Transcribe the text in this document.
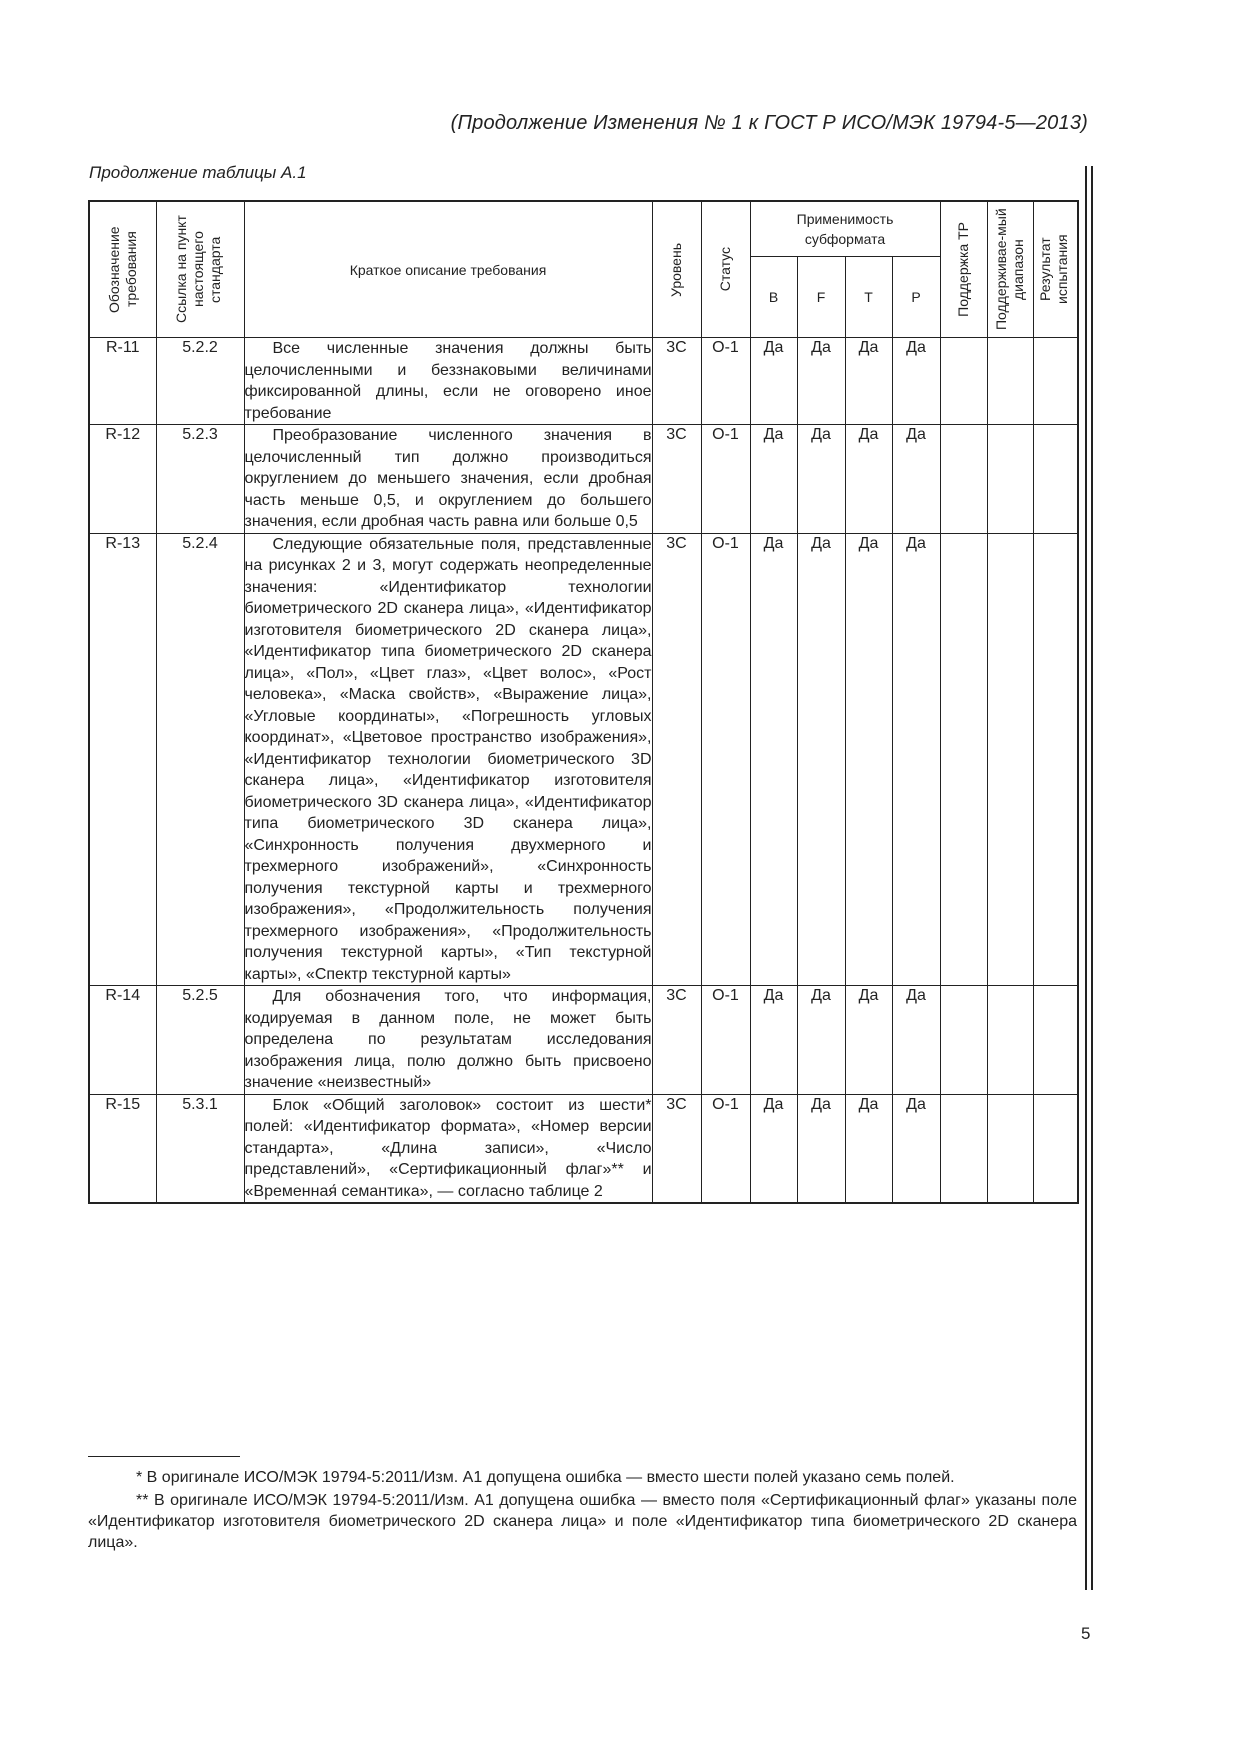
(Продолжение Изменения № 1 к ГОСТ Р ИСО/МЭК 19794-5—2013)
Продолжение таблицы А.1
Обозначение требования	Ссылка на пункт настоящего стандарта	Краткое описание требования	Уровень	Статус	Применимость субформата				Поддержка ТР	Поддерживае-мый диапазон	Результат испытания

					B	F	T	P			
R-11	5.2.2	Все численные значения должны быть целочисленными и беззнаковыми величинами фиксированной длины, если не оговорено иное требование	3С	О-1	Да	Да	Да	Да			
R-12	5.2.3	Преобразование численного значения в целочисленный тип должно производиться округлением до меньшего значения, если дробная часть меньше 0,5, и округлением до большего значения, если дробная часть равна или больше 0,5	3С	О-1	Да	Да	Да	Да			
R-13	5.2.4	Следующие обязательные поля, представленные на рисунках 2 и 3, могут содержать неопределенные значения: «Идентификатор технологии биометрического 2D сканера лица», «Идентификатор изготовителя биометрического 2D сканера лица», «Идентификатор типа биометрического 2D сканера лица», «Пол», «Цвет глаз», «Цвет волос», «Рост человека», «Маска свойств», «Выражение лица», «Угловые координаты», «Погрешность угловых координат», «Цветовое пространство изображения», «Идентификатор технологии биометрического 3D сканера лица», «Идентификатор изготовителя биометрического 3D сканера лица», «Идентификатор типа биометрического 3D сканера лица», «Синхронность получения двухмерного и трехмерного изображений», «Синхронность получения текстурной карты и трехмерного изображения», «Продолжительность получения трехмерного изображения», «Продолжительность получения текстурной карты», «Тип текстурной карты», «Спектр текстурной карты»	3С	О-1	Да	Да	Да	Да			
R-14	5.2.5	Для обозначения того, что информация, кодируемая в данном поле, не может быть определена по результатам исследования изображения лица, полю должно быть присвоено значение «неизвестный»	3С	О-1	Да	Да	Да	Да			
R-15	5.3.1	Блок «Общий заголовок» состоит из шести* полей: «Идентификатор формата», «Номер версии стандарта», «Длина записи», «Число представлений», «Сертификационный флаг»** и «Временная́ семантика», — согласно таблице 2	3С	О-1	Да	Да	Да	Да			

* В оригинале ИСО/МЭК 19794-5:2011/Изм. А1 допущена ошибка — вместо шести полей указано семь полей.

** В оригинале ИСО/МЭК 19794-5:2011/Изм. А1 допущена ошибка — вместо поля «Сертификационный флаг» указаны поле «Идентификатор изготовителя биометрического 2D сканера лица» и поле «Идентификатор типа биометрического 2D сканера лица».

5
